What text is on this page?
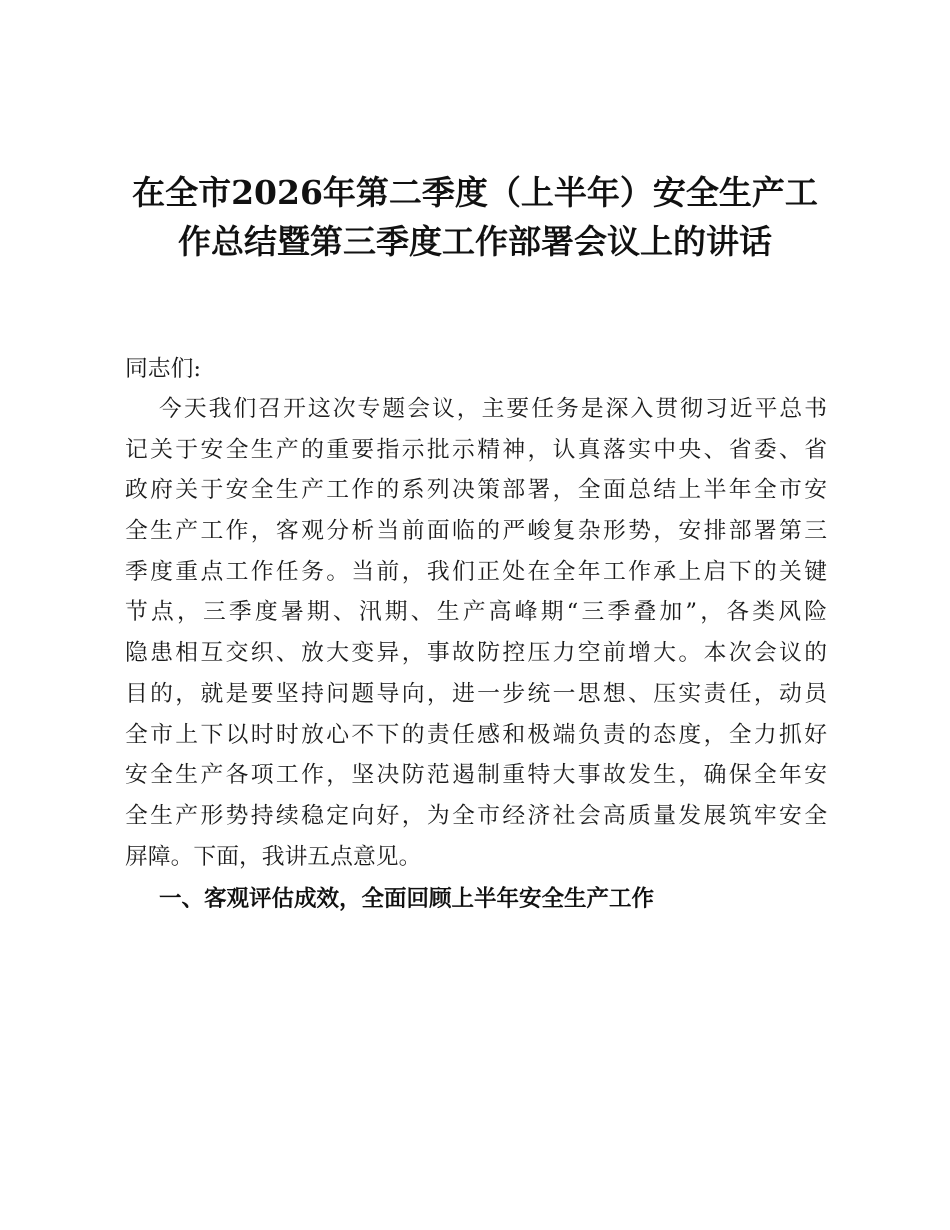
在全市2026年第二季度（上半年）安全生产工
作总结暨第三季度工作部署会议上的讲话

同志们:

今天我们召开这次专题会议，主要任务是深入贯彻习近平总书
记关于安全生产的重要指示批示精神，认真落实中央、省委、省
政府关于安全生产工作的系列决策部署，全面总结上半年全市安
全生产工作，客观分析当前面临的严峻复杂形势，安排部署第三
季度重点工作任务。当前，我们正处在全年工作承上启下的关键
节点，三季度暑期、汛期、生产高峰期“三季叠加”，各类风险
隐患相互交织、放大变异，事故防控压力空前增大。本次会议的
目的，就是要坚持问题导向，进一步统一思想、压实责任，动员
全市上下以时时放心不下的责任感和极端负责的态度，全力抓好
安全生产各项工作，坚决防范遏制重特大事故发生，确保全年安
全生产形势持续稳定向好，为全市经济社会高质量发展筑牢安全
屏障。下面，我讲五点意见。

一、客观评估成效，全面回顾上半年安全生产工作
